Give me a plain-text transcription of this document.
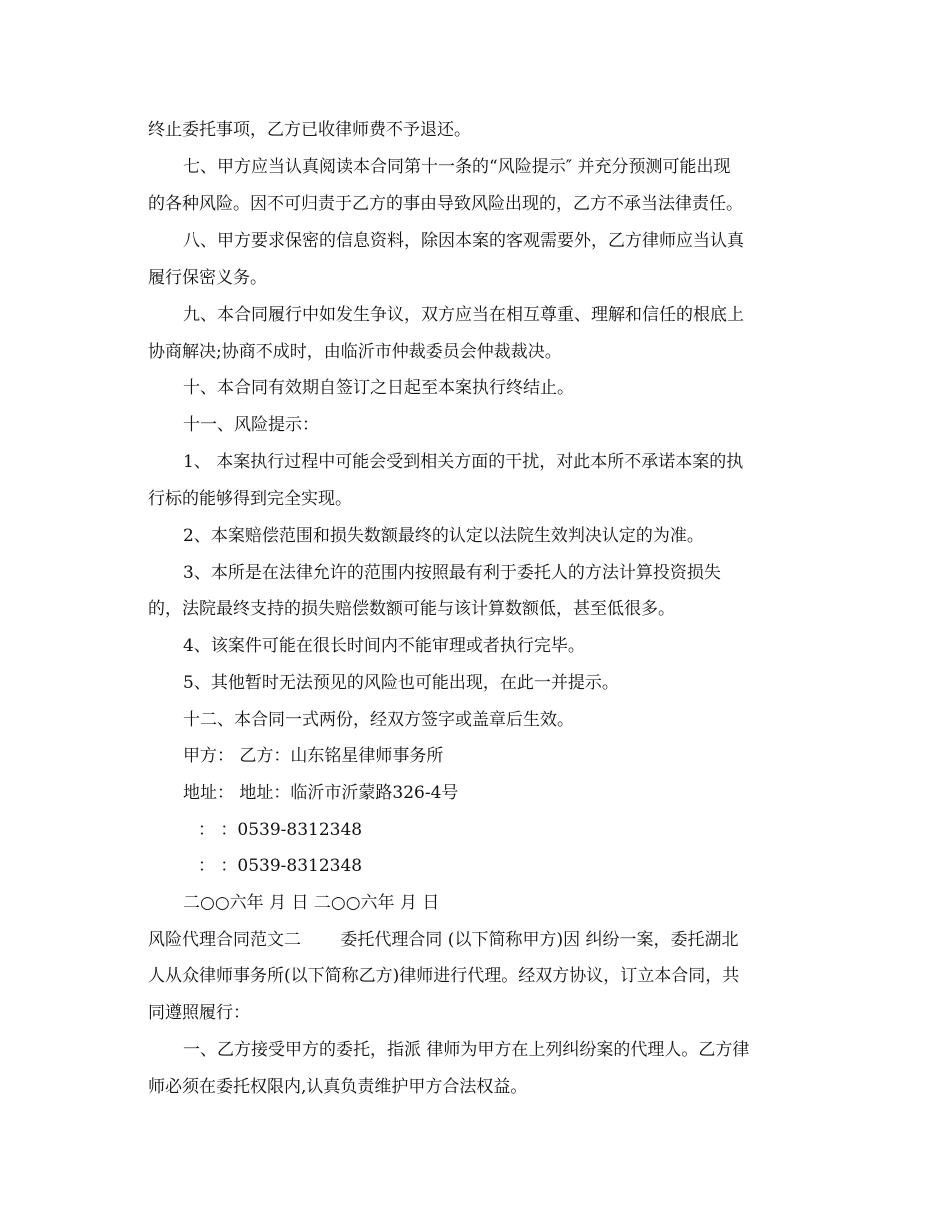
终止委托事项，乙方已收律师费不予退还。
七、甲方应当认真阅读本合同第十一条的“风险提示″ 并充分预测可能出现
的各种风险。因不可归责于乙方的事由导致风险出现的，乙方不承当法律责任。
八、甲方要求保密的信息资料，除因本案的客观需要外，乙方律师应当认真
履行保密义务。
九、本合同履行中如发生争议，双方应当在相互尊重、理解和信任的根底上
协商解决;协商不成时，由临沂市仲裁委员会仲裁裁决。
十、本合同有效期自签订之日起至本案执行终结止。
十一、风险提示：
1、 本案执行过程中可能会受到相关方面的干扰，对此本所不承诺本案的执
行标的能够得到完全实现。
2、本案赔偿范围和损失数额最终的认定以法院生效判决认定的为准。
3、本所是在法律允许的范围内按照最有利于委托人的方法计算投资损失
的，法院最终支持的损失赔偿数额可能与该计算数额低，甚至低很多。
4、该案件可能在很长时间内不能审理或者执行完毕。
5、其他暂时无法预见的风险也可能出现，在此一并提示。
十二、本合同一式两份，经双方签字或盖章后生效。
甲方： 乙方：山东铭星律师事务所
地址： 地址：临沂市沂蒙路326-4号
： ：0539-8312348
： ：0539-8312348
二○○六年 月 日 二○○六年 月 日
风险代理合同范文二 　　委托代理合同 (以下简称甲方)因 纠纷一案，委托湖北
人从众律师事务所(以下简称乙方)律师进行代理。经双方协议，订立本合同，共
同遵照履行：
一、乙方接受甲方的委托，指派 律师为甲方在上列纠纷案的代理人。乙方律
师必须在委托权限内,认真负责维护甲方合法权益。
